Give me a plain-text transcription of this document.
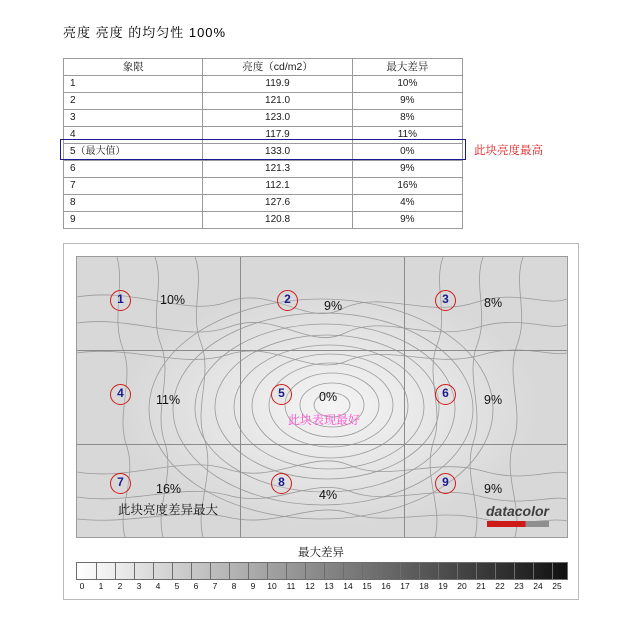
亮度 亮度 的均匀性 100%
象限	亮度（cd/m2）	最大差异
1	119.9	10%
2	121.0	9%
3	123.0	8%
4	117.9	11%
5（最大值）	133.0	0%
6	121.3	9%
7	112.1	16%
8	127.6	4%
9	120.8	9%
此块亮度最高
1	10%	2	9%	3	8%
4	11%	5	0%	6	9%
7	16%	8
4%
9	9%
datacolor
最大差异
0 1 2 3 4 5 6 7 8 9 10 11 12 13 14 15 16 17 18 19 20 21 22 23 24 25
此块表现最好
此块亮度差异最大
